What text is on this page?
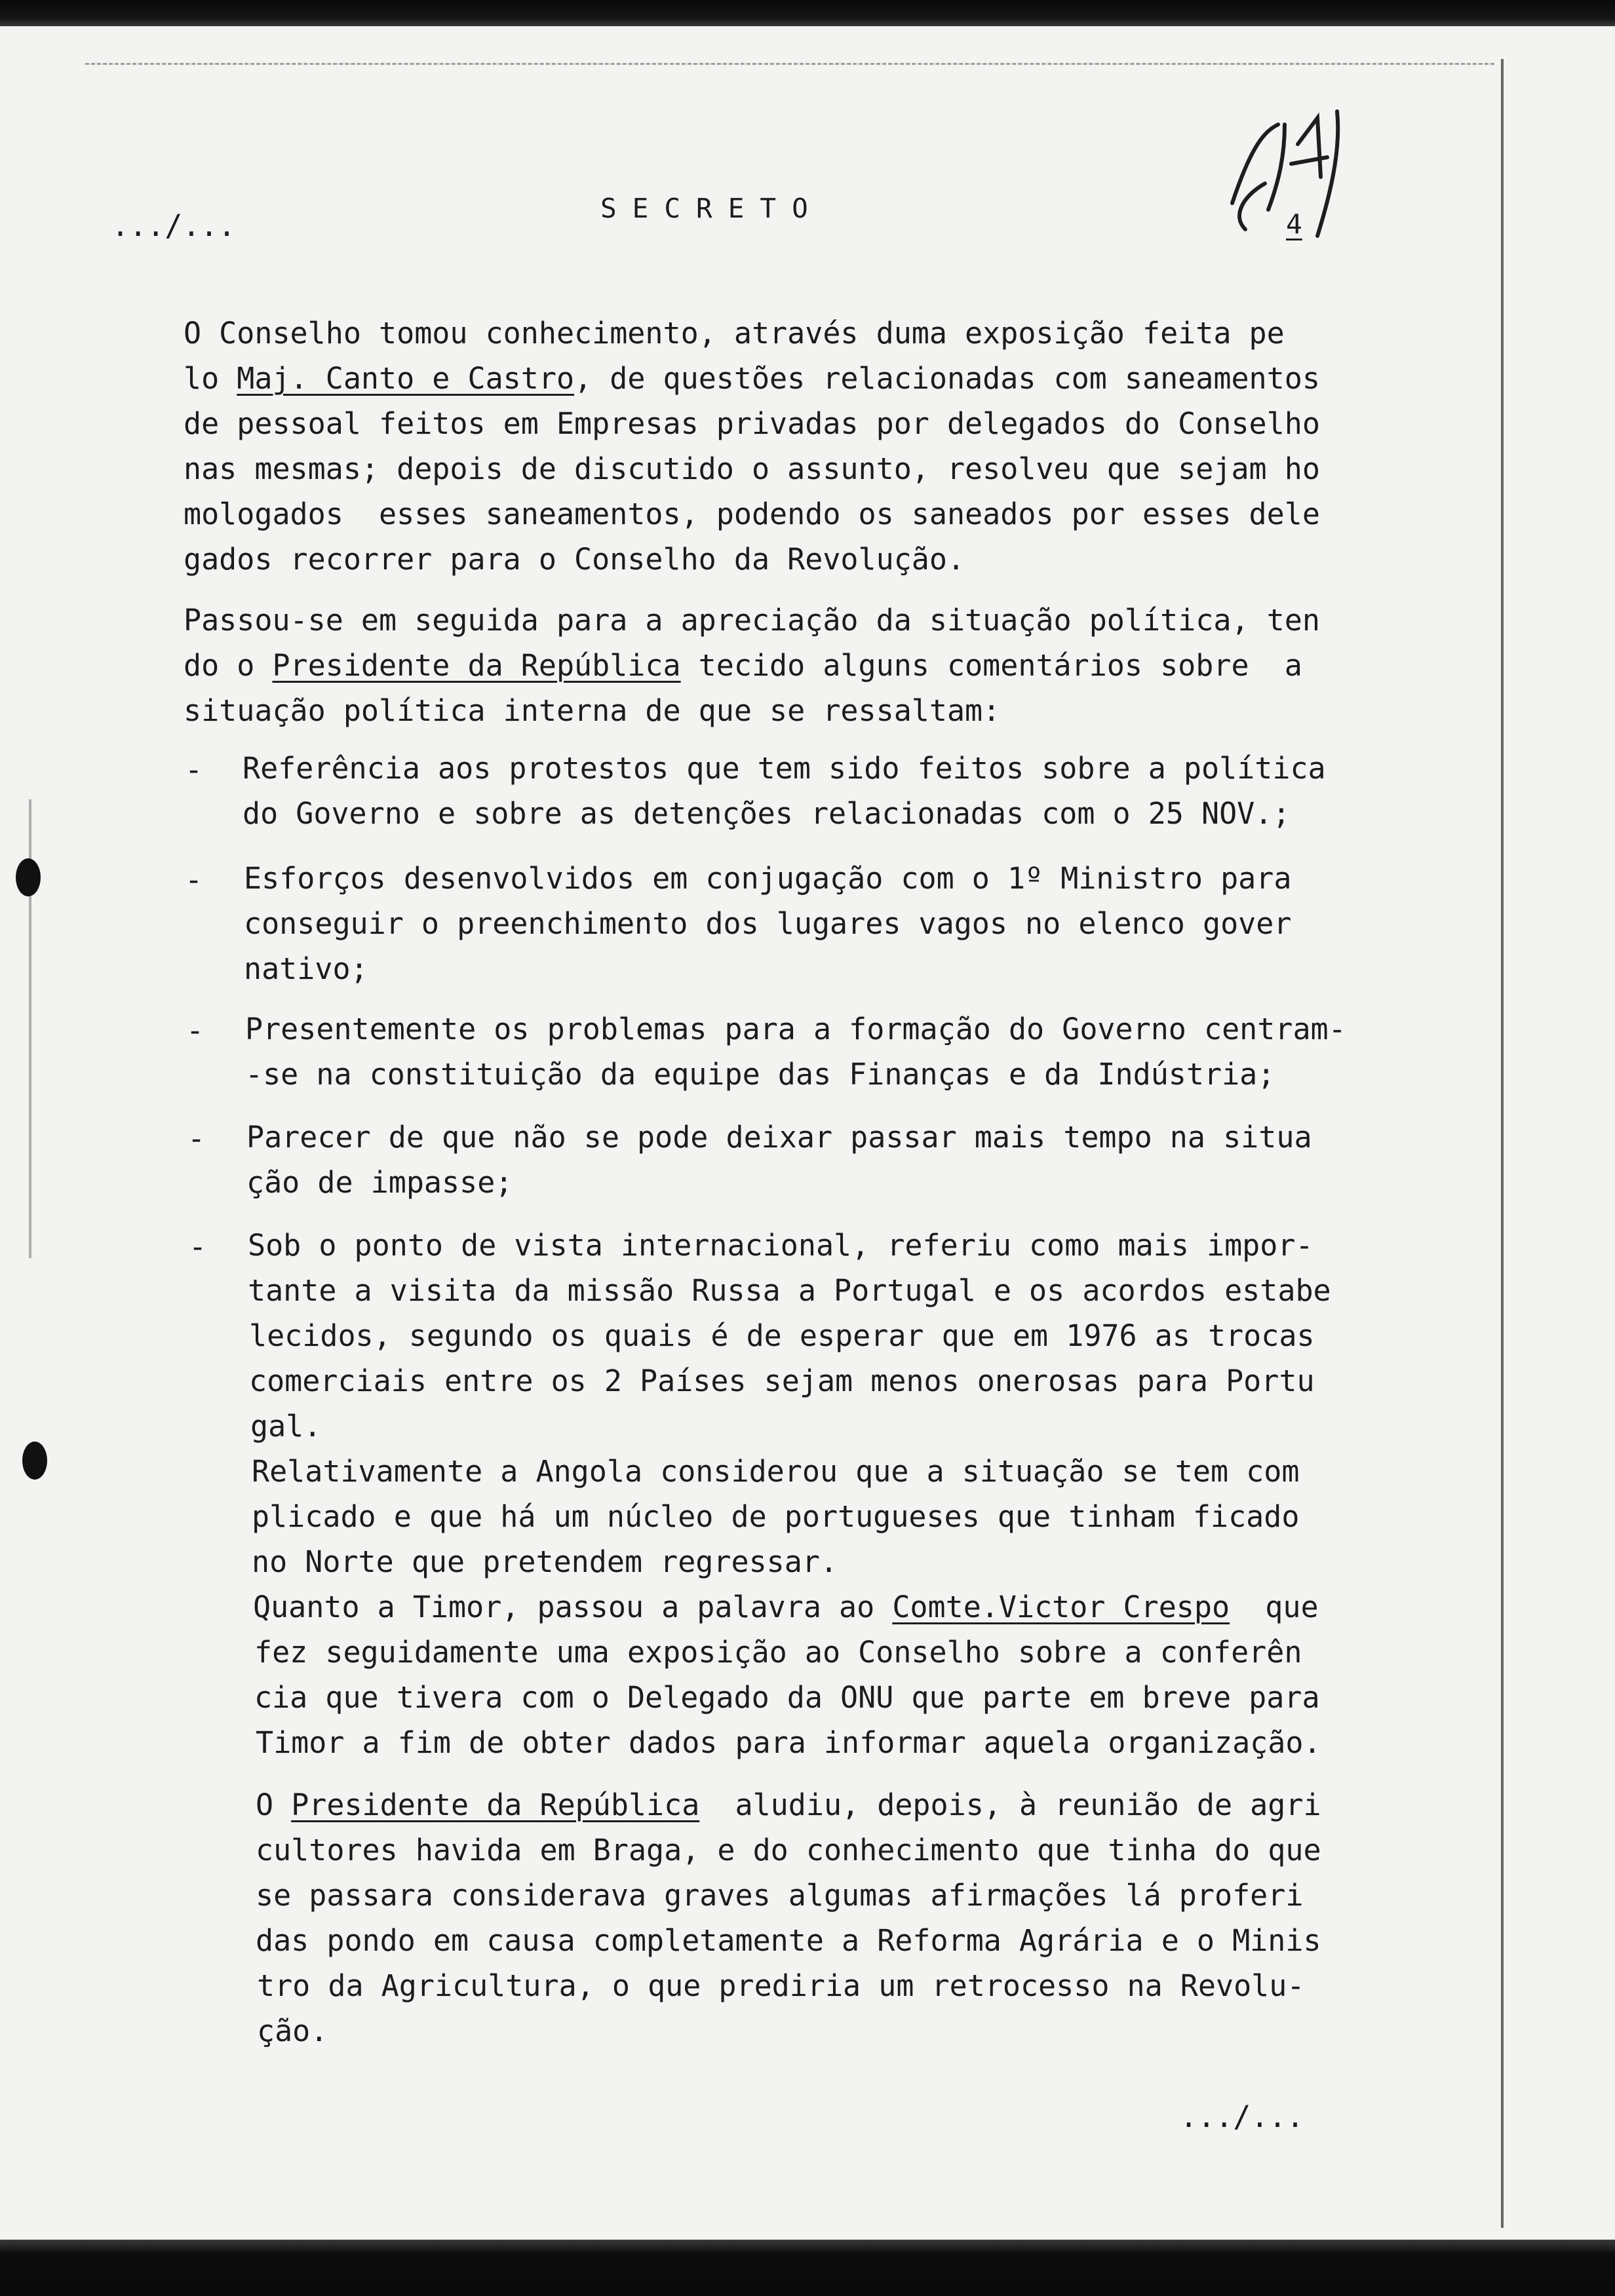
.../...	SECRETO	4
O Conselho tomou conhecimento, através duma exposição feita pe
lo Maj. Canto e Castro, de questões relacionadas com saneamentos
de pessoal feitos em Empresas privadas por delegados do Conselho
nas mesmas; depois de discutido o assunto, resolveu que sejam ho
mologados  esses saneamentos, podendo os saneados por esses dele
gados recorrer para o Conselho da Revolução.
Passou-se em seguida para a apreciação da situação política, ten
do o Presidente da República tecido alguns comentários sobre  a
situação política interna de que se ressaltam:
- Referência aos protestos que tem sido feitos sobre a política
do Governo e sobre as detenções relacionadas com o 25 NOV.;
- Esforços desenvolvidos em conjugação com o 1º Ministro para
conseguir o preenchimento dos lugares vagos no elenco gover
nativo;
- Presentemente os problemas para a formação do Governo centram-
-se na constituição da equipe das Finanças e da Indústria;
- Parecer de que não se pode deixar passar mais tempo na situa
ção de impasse;
- Sob o ponto de vista internacional, referiu como mais impor-
tante a visita da missão Russa a Portugal e os acordos estabe
lecidos, segundo os quais é de esperar que em 1976 as trocas
comerciais entre os 2 Países sejam menos onerosas para Portu
gal.
Relativamente a Angola considerou que a situação se tem com
plicado e que há um núcleo de portugueses que tinham ficado
no Norte que pretendem regressar.
Quanto a Timor, passou a palavra ao Comte.Victor Crespo  que
fez seguidamente uma exposição ao Conselho sobre a conferên
cia que tivera com o Delegado da ONU que parte em breve para
Timor a fim de obter dados para informar aquela organização.
O Presidente da República  aludiu, depois, à reunião de agri
cultores havida em Braga, e do conhecimento que tinha do que
se passara considerava graves algumas afirmações lá proferi
das pondo em causa completamente a Reforma Agrária e o Minis
tro da Agricultura, o que prediria um retrocesso na Revolu-
ção.
.../...
